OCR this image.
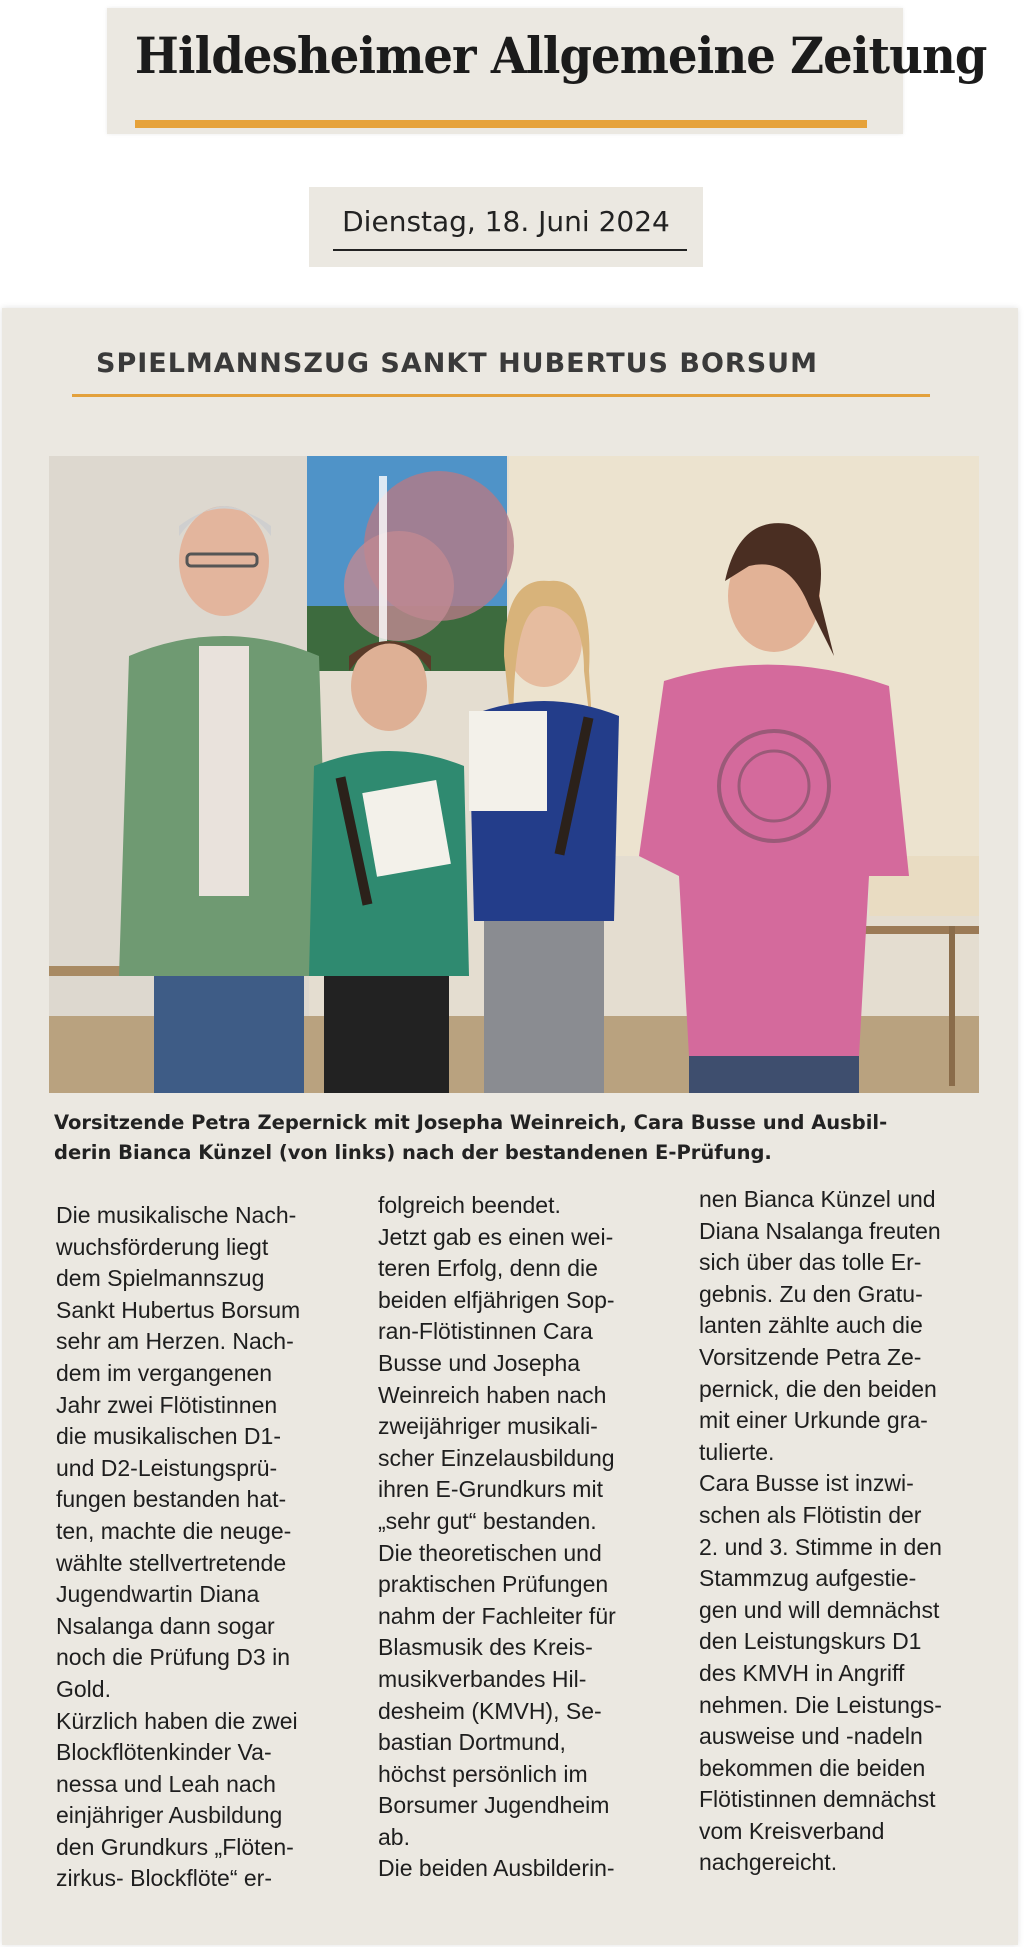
Hildesheimer Allgemeine Zeitung
Dienstag, 18. Juni 2024
SPIELMANNSZUG SANKT HUBERTUS BORSUM
Vorsitzende Petra Zepernick mit Josepha Weinreich, Cara Busse und Ausbil-
derin Bianca Künzel (von links) nach der bestandenen E-Prüfung.
Die musikalische Nach-
wuchsförderung liegt
dem Spielmannszug
Sankt Hubertus Borsum
sehr am Herzen. Nach-
dem im vergangenen
Jahr zwei Flötistinnen
die musikalischen D1-
und D2-Leistungsprü-
fungen bestanden hat-
ten, machte die neuge-
wählte stellvertretende
Jugendwartin Diana
Nsalanga dann sogar
noch die Prüfung D3 in
Gold.
Kürzlich haben die zwei
Blockflötenkinder Va-
nessa und Leah nach
einjähriger Ausbildung
den Grundkurs „Flöten-
zirkus- Blockflöte“ er-
folgreich beendet.
Jetzt gab es einen wei-
teren Erfolg, denn die
beiden elfjährigen Sop-
ran-Flötistinnen Cara
Busse und Josepha
Weinreich haben nach
zweijähriger musikali-
scher Einzelausbildung
ihren E-Grundkurs mit
„sehr gut“ bestanden.
Die theoretischen und
praktischen Prüfungen
nahm der Fachleiter für
Blasmusik des Kreis-
musikverbandes Hil-
desheim (KMVH), Se-
bastian Dortmund,
höchst persönlich im
Borsumer Jugendheim
ab.
Die beiden Ausbilderin-
nen Bianca Künzel und
Diana Nsalanga freuten
sich über das tolle Er-
gebnis. Zu den Gratu-
lanten zählte auch die
Vorsitzende Petra Ze-
pernick, die den beiden
mit einer Urkunde gra-
tulierte.
Cara Busse ist inzwi-
schen als Flötistin der
2. und 3. Stimme in den
Stammzug aufgestie-
gen und will demnächst
den Leistungskurs D1
des KMVH in Angriff
nehmen. Die Leistungs-
ausweise und -nadeln
bekommen die beiden
Flötistinnen demnächst
vom Kreisverband
nachgereicht.
